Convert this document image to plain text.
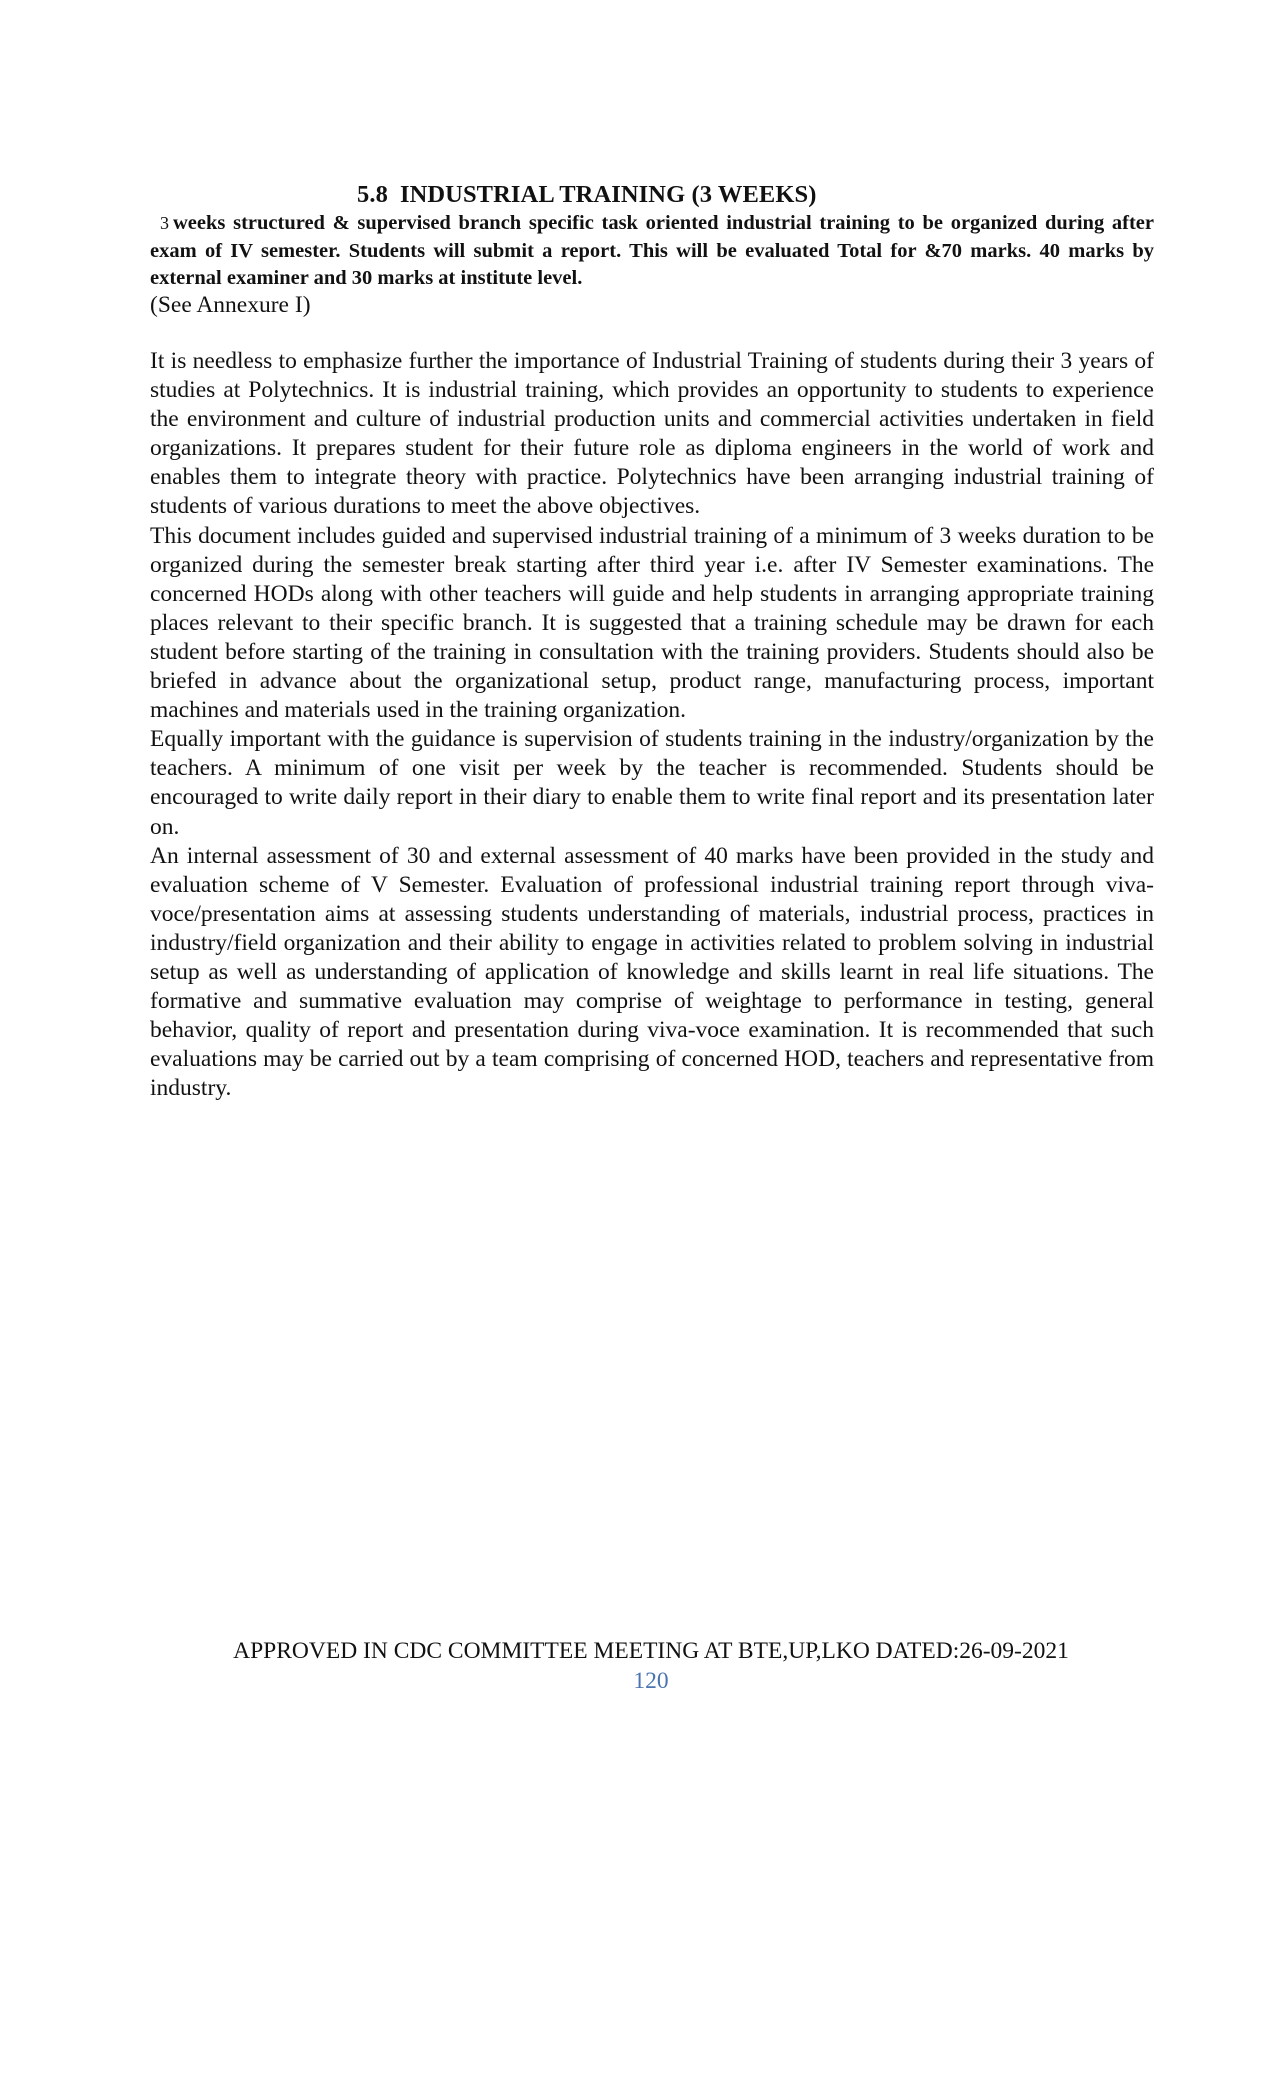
5.8 INDUSTRIAL TRAINING (3 WEEKS)
3 weeks structured & supervised branch specific task oriented industrial training to be organized during after exam of IV semester. Students will submit a report. This will be evaluated Total for &70 marks. 40 marks by external examiner and 30 marks at institute level.
(See Annexure I)

It is needless to emphasize further the importance of Industrial Training of students during their 3 years of studies at Polytechnics. It is industrial training, which provides an opportunity to students to experience the environment and culture of industrial production units and commercial activities undertaken in field organizations. It prepares student for their future role as diploma engineers in the world of work and enables them to integrate theory with practice. Polytechnics have been arranging industrial training of students of various durations to meet the above objectives.

This document includes guided and supervised industrial training of a minimum of 3 weeks duration to be organized during the semester break starting after third year i.e. after IV Semester examinations. The concerned HODs along with other teachers will guide and help students in arranging appropriate training places relevant to their specific branch. It is suggested that a training schedule may be drawn for each student before starting of the training in consultation with the training providers. Students should also be briefed in advance about the organizational setup, product range, manufacturing process, important machines and materials used in the training organization.

Equally important with the guidance is supervision of students training in the industry/organization by the teachers. A minimum of one visit per week by the teacher is recommended. Students should be encouraged to write daily report in their diary to enable them to write final report and its presentation later on.

An internal assessment of 30 and external assessment of 40 marks have been provided in the study and evaluation scheme of V Semester. Evaluation of professional industrial training report through viva-voce/presentation aims at assessing students understanding of materials, industrial process, practices in industry/field organization and their ability to engage in activities related to problem solving in industrial setup as well as understanding of application of knowledge and skills learnt in real life situations. The formative and summative evaluation may comprise of weightage to performance in testing, general behavior, quality of report and presentation during viva-voce examination. It is recommended that such evaluations may be carried out by a team comprising of concerned HOD, teachers and representative from industry.

APPROVED IN CDC COMMITTEE MEETING AT BTE,UP,LKO DATED:26-09-2021
120
